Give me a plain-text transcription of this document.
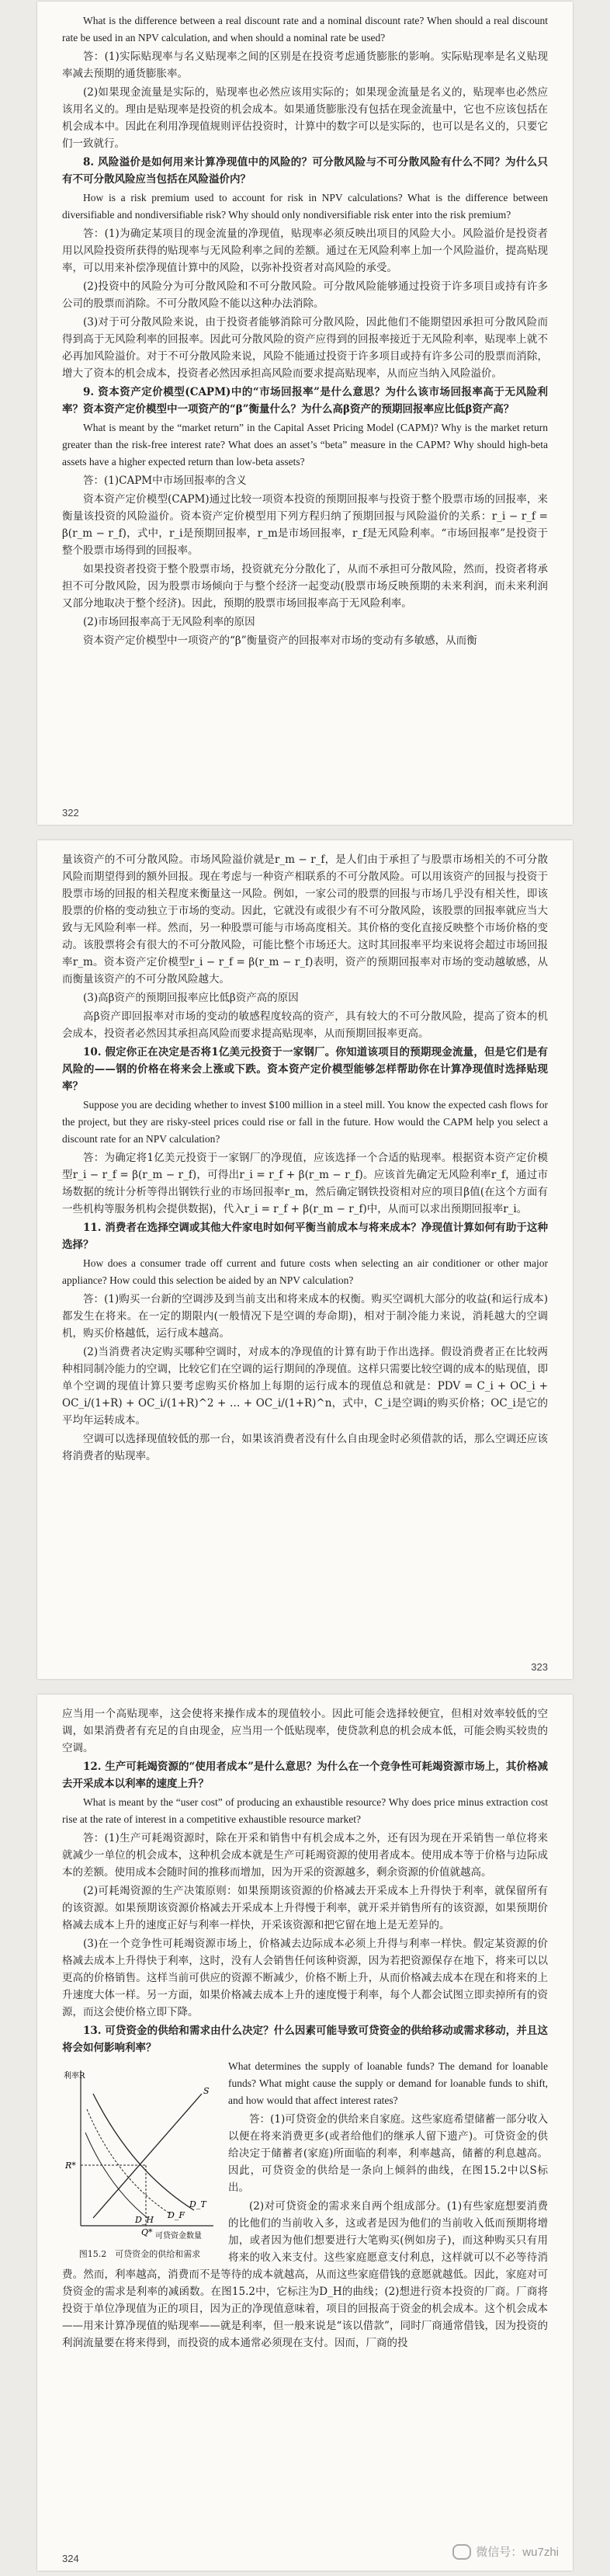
What is the difference between a real discount rate and a nominal discount rate? When should a real discount rate be used in an NPV calculation, and when should a nominal rate be used?

答：(1)实际贴现率与名义贴现率之间的区别是在投资考虑通货膨胀的影响。实际贴现率是名义贴现率减去预期的通货膨胀率。

(2)如果现金流量是实际的，贴现率也必然应该用实际的；如果现金流量是名义的，贴现率也必然应该用名义的。理由是贴现率是投资的机会成本。如果通货膨胀没有包括在现金流量中，它也不应该包括在机会成本中。因此在利用净现值规则评估投资时，计算中的数字可以是实际的，也可以是名义的，只要它们一致就行。

8. 风险溢价是如何用来计算净现值中的风险的？可分散风险与不可分散风险有什么不同？为什么只有不可分散风险应当包括在风险溢价内？

How is a risk premium used to account for risk in NPV calculations? What is the difference between diversifiable and nondiversifiable risk? Why should only nondiversifiable risk enter into the risk premium?

答：(1)为确定某项目的现金流量的净现值，贴现率必须反映出项目的风险大小。风险溢价是投资者用以风险投资所获得的贴现率与无风险利率之间的差额。通过在无风险利率上加一个风险溢价，提高贴现率，可以用来补偿净现值计算中的风险，以弥补投资者对高风险的承受。

(2)投资中的风险分为可分散风险和不可分散风险。可分散风险能够通过投资于许多项目或持有许多公司的股票而消除。不可分散风险不能以这种办法消除。

(3)对于可分散风险来说，由于投资者能够消除可分散风险，因此他们不能期望因承担可分散风险而得到高于无风险利率的回报率。因此可分散风险的资产应得到的回报率接近于无风险利率，贴现率上就不必再加风险溢价。对于不可分散风险来说，风险不能通过投资于许多项目或持有许多公司的股票而消除，增大了资本的机会成本，投资者必然因承担高风险而要求提高贴现率，从而应当纳入风险溢价。

9. 资本资产定价模型(CAPM)中的“市场回报率”是什么意思？为什么该市场回报率高于无风险利率？资本资产定价模型中一项资产的“β”衡量什么？为什么高β资产的预期回报率应比低β资产高？

What is meant by the “market return” in the Capital Asset Pricing Model (CAPM)? Why is the market return greater than the risk-free interest rate? What does an asset’s “beta” measure in the CAPM? Why should high-beta assets have a higher expected return than low-beta assets?

答：(1)CAPM中市场回报率的含义

资本资产定价模型(CAPM)通过比较一项资本投资的预期回报率与投资于整个股票市场的回报率，来衡量该投资的风险溢价。资本资产定价模型用下列方程归纳了预期回报与风险溢价的关系：r_i − r_f = β(r_m − r_f)，式中，r_i是预期回报率，r_m是市场回报率，r_f是无风险利率。“市场回报率”是投资于整个股票市场得到的回报率。

如果投资者投资于整个股票市场，投资就充分分散化了，从而不承担可分散风险，然而，投资者将承担不可分散风险，因为股票市场倾向于与整个经济一起变动(股票市场反映预期的未来利润，而未来利润又部分地取决于整个经济)。因此，预期的股票市场回报率高于无风险利率。

(2)市场回报率高于无风险利率的原因

资本资产定价模型中一项资产的“β”衡量资产的回报率对市场的变动有多敏感，从而衡

322

量该资产的不可分散风险。市场风险溢价就是r_m − r_f，是人们由于承担了与股票市场相关的不可分散风险而期望得到的额外回报。现在考虑与一种资产相联系的不可分散风险。可以用该资产的回报与投资于股票市场的回报的相关程度来衡量这一风险。例如，一家公司的股票的回报与市场几乎没有相关性，即该股票的价格的变动独立于市场的变动。因此，它就没有或很少有不可分散风险，该股票的回报率就应当大致与无风险利率一样。然而，另一种股票可能与市场高度相关。其价格的变化直接反映整个市场价格的变动。该股票将会有很大的不可分散风险，可能比整个市场还大。这时其回报率平均来说将会超过市场回报率r_m。资本资产定价模型r_i − r_f = β(r_m − r_f)表明，资产的预期回报率对市场的变动越敏感，从而衡量该资产的不可分散风险越大。

(3)高β资产的预期回报率应比低β资产高的原因

高β资产即回报率对市场的变动的敏感程度较高的资产，具有较大的不可分散风险，提高了资本的机会成本，投资者必然因其承担高风险而要求提高贴现率，从而预期回报率更高。

10. 假定你正在决定是否将1亿美元投资于一家钢厂。你知道该项目的预期现金流量，但是它们是有风险的——钢的价格在将来会上涨或下跌。资本资产定价模型能够怎样帮助你在计算净现值时选择贴现率？

Suppose you are deciding whether to invest $100 million in a steel mill. You know the expected cash flows for the project, but they are risky-steel prices could rise or fall in the future. How would the CAPM help you select a discount rate for an NPV calculation?

答：为确定将1亿美元投资于一家钢厂的净现值，应该选择一个合适的贴现率。根据资本资产定价模型r_i − r_f = β(r_m − r_f)，可得出r_i = r_f + β(r_m − r_f)。应该首先确定无风险利率r_f，通过市场数据的统计分析等得出钢铁行业的市场回报率r_m，然后确定钢铁投资相对应的项目β值(在这个方面有一些机构等服务机构会提供数据)，代入r_i = r_f + β(r_m − r_f)中，从而可以求出预期回报率r_i。

11. 消费者在选择空调或其他大件家电时如何平衡当前成本与将来成本？净现值计算如何有助于这种选择？

How does a consumer trade off current and future costs when selecting an air conditioner or other major appliance? How could this selection be aided by an NPV calculation?

答：(1)购买一台新的空调涉及到当前支出和将来成本的权衡。购买空调机大部分的收益(和运行成本)都发生在将来。在一定的期限内(一般情况下是空调的寿命期)，相对于制冷能力来说，消耗越大的空调机，购买价格越低，运行成本越高。

(2)当消费者决定购买哪种空调时，对成本的净现值的计算有助于作出选择。假设消费者正在比较两种相同制冷能力的空调，比较它们在空调的运行期间的净现值。这样只需要比较空调的成本的贴现值，即单个空调的现值计算只要考虑购买价格加上每期的运行成本的现值总和就是：PDV = C_i + OC_i + OC_i/(1+R) + OC_i/(1+R)^2 + … + OC_i/(1+R)^n，式中，C_i是空调i的购买价格；OC_i是它的平均年运转成本。

空调可以选择现值较低的那一台，如果该消费者没有什么自由现金时必须借款的话，那么空调还应该将消费者的贴现率。

323

应当用一个高贴现率，这会使将来操作成本的现值较小。因此可能会选择较便宜，但相对效率较低的空调，如果消费者有充足的自由现金，应当用一个低贴现率，使贷款利息的机会成本低，可能会购买较贵的空调。

12. 生产可耗竭资源的“使用者成本”是什么意思？为什么在一个竞争性可耗竭资源市场上，其价格减去开采成本以利率的速度上升？

What is meant by the “user cost” of producing an exhaustible resource? Why does price minus extraction cost rise at the rate of interest in a competitive exhaustible resource market?

答：(1)生产可耗竭资源时，除在开采和销售中有机会成本之外，还有因为现在开采销售一单位将来就减少一单位的机会成本，这种机会成本就是生产可耗竭资源的使用者成本。使用成本等于价格与边际成本的差额。使用成本会随时间的推移而增加，因为开采的资源越多，剩余资源的价值就越高。

(2)可耗竭资源的生产决策原则：如果预期该资源的价格减去开采成本上升得快于利率，就保留所有的该资源。如果预期该资源价格减去开采成本上升得慢于利率，就开采并销售所有的该资源，如果预期价格减去成本上升的速度正好与利率一样快，开采该资源和把它留在地上是无差异的。

(3)在一个竞争性可耗竭资源市场上，价格减去边际成本必须上升得与利率一样快。假定某资源的价格减去成本上升得快于利率，这时，没有人会销售任何该种资源，因为若把资源保存在地下，将来可以以更高的价格销售。这样当前可供应的资源不断减少，价格不断上升，从而价格减去成本在现在和将来的上升速度大体一样。另一方面，如果价格减去成本上升的速度慢于利率，每个人都会试图立即卖掉所有的资源，而这会使价格立即下降。

13. 可贷资金的供给和需求由什么决定？什么因素可能导致可贷资金的供给移动或需求移动，并且这将会如何影响利率？

利率R
可贷资金数量
S
D_T
D_F
D_H
R*
Q*
图15.2　可贷资金的供给和需求

What determines the supply of loanable funds? The demand for loanable funds? What might cause the supply or demand for loanable funds to shift, and how would that affect interest rates?

答：(1)可贷资金的供给来自家庭。这些家庭希望储蓄一部分收入以便在将来消费更多(或者给他们的继承人留下遗产)。可贷资金的供给决定于储蓄者(家庭)所面临的利率，利率越高，储蓄的利息越高。因此，可贷资金的供给是一条向上倾斜的曲线，在图15.2中以S标出。

(2)对可贷资金的需求来自两个组成部分。(1)有些家庭想要消费的比他们的当前收入多，这或者是因为他们的当前收入低而预期将增加，或者因为他们想要进行大笔购买(例如房子)，而这种购买只有用将来的收入来支付。这些家庭愿意支付利息，这样就可以不必等待消费。然而，利率越高，消费而不是等待的成本就越高，从而这些家庭借钱的意愿就越低。因此，家庭对可贷资金的需求是利率的减函数。在图15.2中，它标注为D_H的曲线；(2)想进行资本投资的厂商。厂商将投资于单位净现值为正的项目，因为正的净现值意味着，项目的回报高于资金的机会成本。这个机会成本——用来计算净现值的贴现率——就是利率，但一般来说是“该以借款”，同时厂商通常借钱，因为投资的利润流量要在将来得到，而投资的成本通常必须现在支付。因而，厂商的投

324	微信号：wu7zhi
